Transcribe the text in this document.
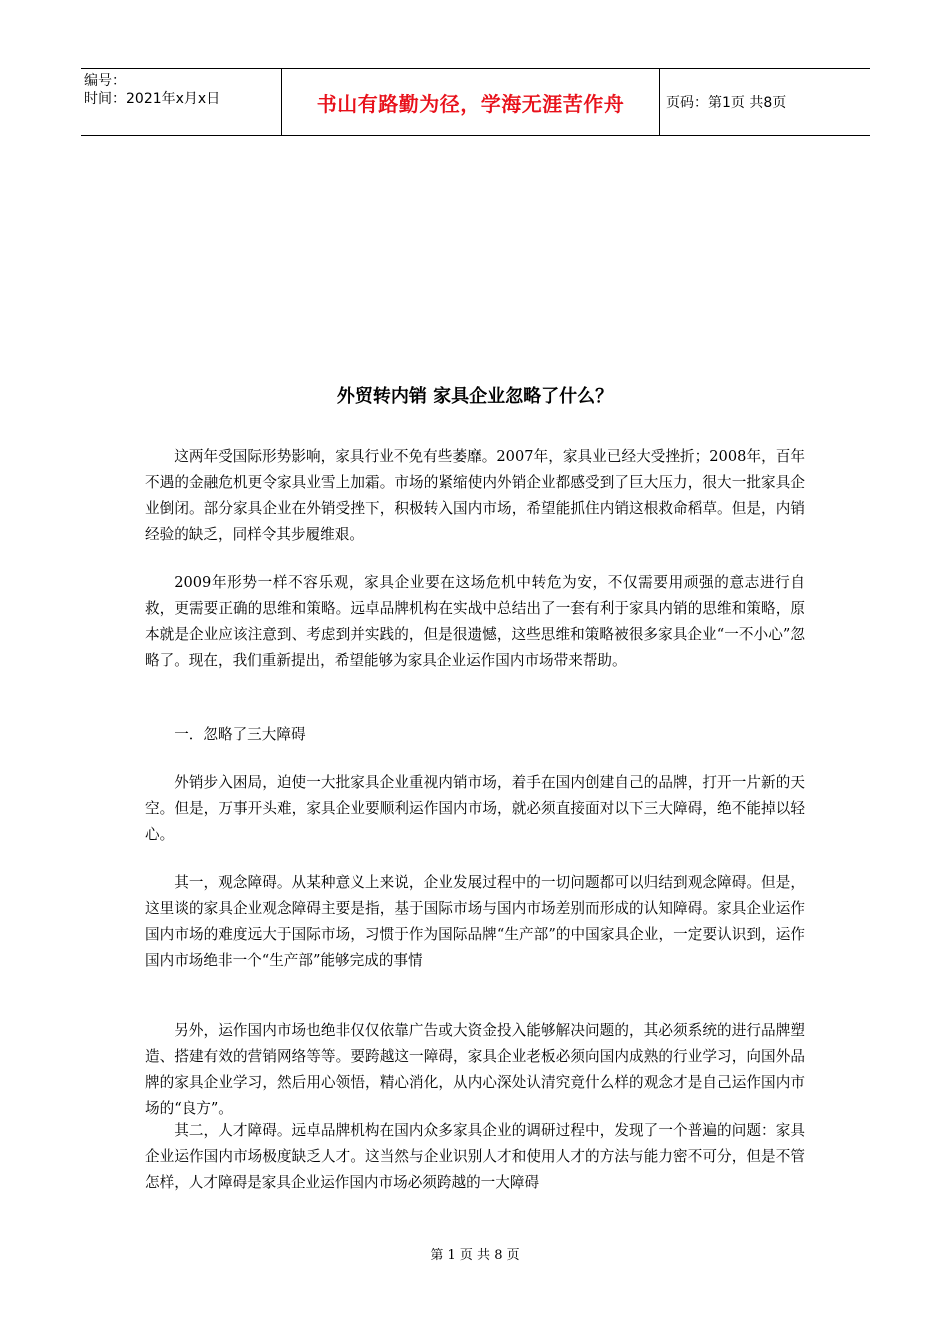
编号：
时间：2021年x月x日	书山有路勤为径，学海无涯苦作舟	页码：第1页 共8页
外贸转内销 家具企业忽略了什么？

这两年受国际形势影响，家具行业不免有些萎靡。2007年，家具业已经大受挫折；2008年，百年不遇的金融危机更令家具业雪上加霜。市场的紧缩使内外销企业都感受到了巨大压力，很大一批家具企业倒闭。部分家具企业在外销受挫下，积极转入国内市场，希望能抓住内销这根救命稻草。但是，内销经验的缺乏，同样令其步履维艰。

2009年形势一样不容乐观，家具企业要在这场危机中转危为安，不仅需要用顽强的意志进行自救，更需要正确的思维和策略。远卓品牌机构在实战中总结出了一套有利于家具内销的思维和策略，原本就是企业应该注意到、考虑到并实践的，但是很遗憾，这些思维和策略被很多家具企业“一不小心”忽略了。现在，我们重新提出，希望能够为家具企业运作国内市场带来帮助。

一．忽略了三大障碍

外销步入困局，迫使一大批家具企业重视内销市场，着手在国内创建自己的品牌，打开一片新的天空。但是，万事开头难，家具企业要顺利运作国内市场，就必须直接面对以下三大障碍，绝不能掉以轻心。

其一，观念障碍。从某种意义上来说，企业发展过程中的一切问题都可以归结到观念障碍。但是，这里谈的家具企业观念障碍主要是指，基于国际市场与国内市场差别而形成的认知障碍。家具企业运作国内市场的难度远大于国际市场，习惯于作为国际品牌“生产部”的中国家具企业，一定要认识到，运作国内市场绝非一个“生产部”能够完成的事情

另外，运作国内市场也绝非仅仅依靠广告或大资金投入能够解决问题的，其必须系统的进行品牌塑造、搭建有效的营销网络等等。要跨越这一障碍，家具企业老板必须向国内成熟的行业学习，向国外品牌的家具企业学习，然后用心领悟，精心消化，从内心深处认清究竟什么样的观念才是自己运作国内市场的“良方”。

其二，人才障碍。远卓品牌机构在国内众多家具企业的调研过程中，发现了一个普遍的问题：家具企业运作国内市场极度缺乏人才。这当然与企业识别人才和使用人才的方法与能力密不可分，但是不管怎样，人才障碍是家具企业运作国内市场必须跨越的一大障碍

第 1 页 共 8 页
